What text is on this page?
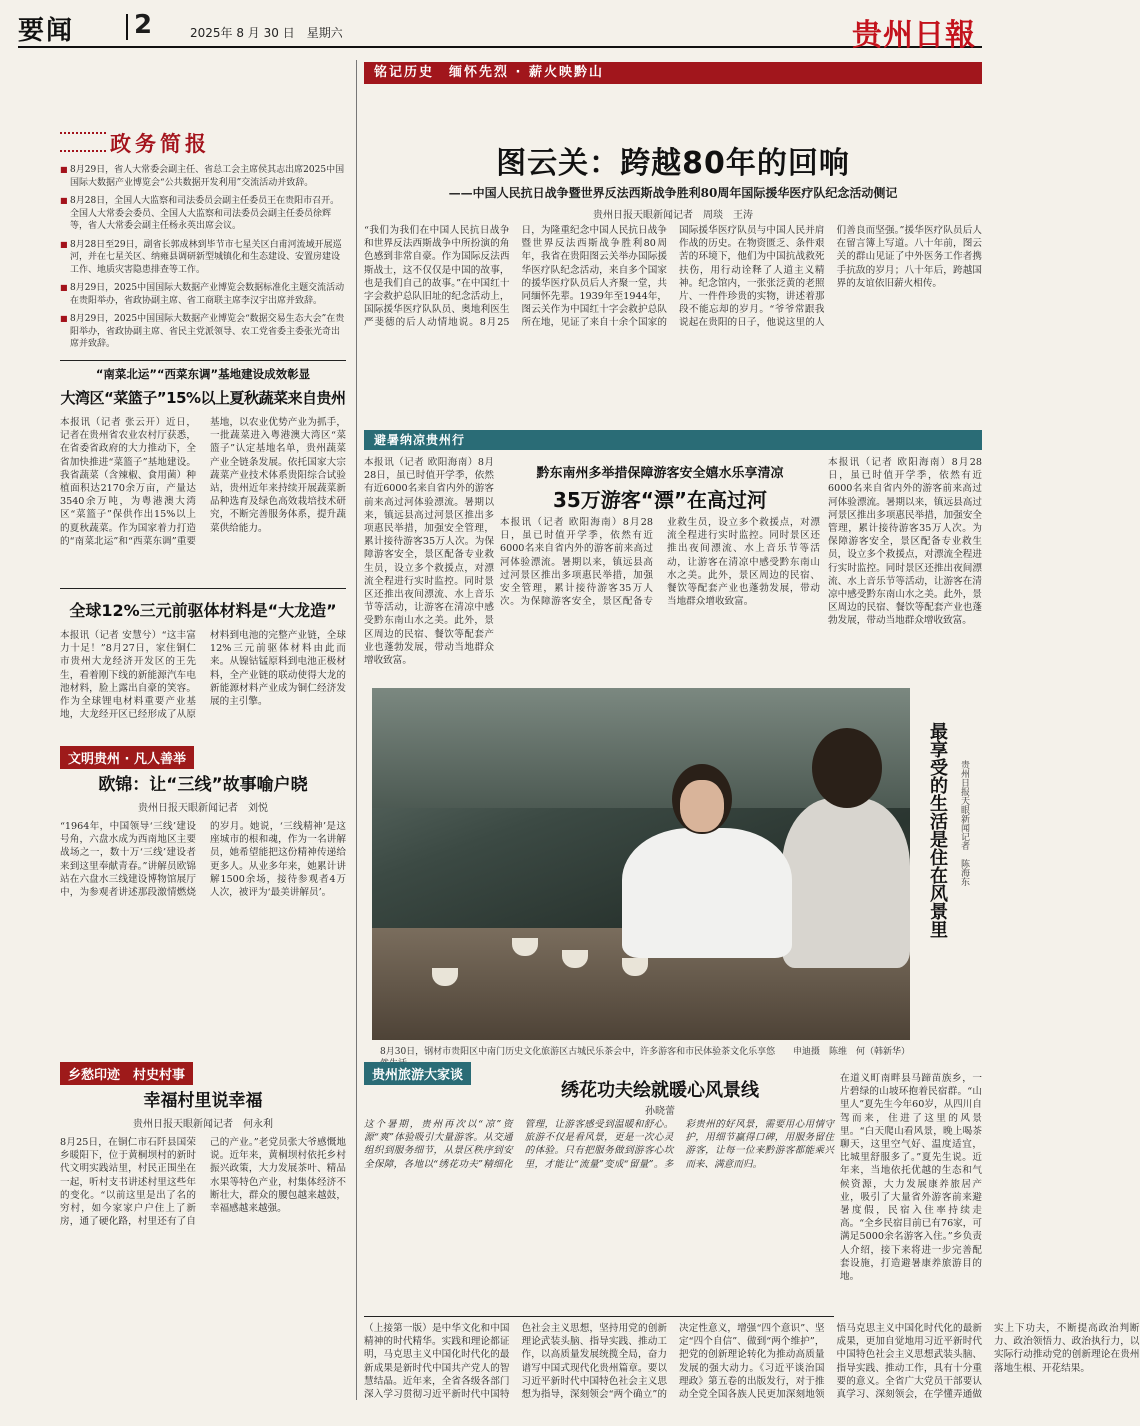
要闻 2	2025年 8 月 30 日　星期六	贵州日報
政务简报
■ 8月29日，省人大常委会副主任、省总工会主席侯其志出席2025中国国际大数据产业博览会“公共数据开发利用”交流活动并致辞。
■ 8月28日，全国人大监察和司法委员会副主任委员王在贵阳市召开。全国人大常委会委员、全国人大监察和司法委员会副主任委员徐辉等，省人大常委会副主任杨永英出席会议。
■ 8月28日至29日，副省长郭成林到毕节市七星关区白甫河流域开展巡河，并在七星关区、纳雍县调研新型城镇化和生态建设、安置房建设工作、地质灾害隐患排查等工作。
■ 8月29日，2025中国国际大数据产业博览会数据标准化主题交流活动在贵阳举办，省政协副主席、省工商联主席李汉宇出席并致辞。
■ 8月29日，2025中国国际大数据产业博览会“数据交易生态大会”在贵阳举办，省政协副主席、省民主党派领导、农工党省委主委张光奇出席并致辞。
“南菜北运”“西菜东调”基地建设成效彰显
大湾区“菜篮子”15%以上夏秋蔬菜来自贵州
本报讯（记者 张云开）近日，记者在贵州省农业农村厅获悉，在省委省政府的大力推动下，全省加快推进“菜篮子”基地建设。我省蔬菜（含辣椒、食用菌）种植面积达2170余万亩，产量达3540余万吨，为粤港澳大湾区“菜篮子”保供作出15%以上的夏秋蔬菜。作为国家着力打造的“南菜北运”和“西菜东调”重要基地，以农业优势产业为抓手，一批蔬菜进入粤港澳大湾区“菜篮子”认定基地名单，贵州蔬菜产业全链条发展。依托国家大宗蔬菜产业技术体系贵阳综合试验站，贵州近年来持续开展蔬菜新品种选育及绿色高效栽培技术研究，不断完善服务体系，提升蔬菜供给能力。
全球12%三元前驱体材料是“大龙造”
本报讯（记者 安慧兮）“这丰富力十足！”8月27日，家住铜仁市贵州大龙经济开发区的王先生，看着刚下线的新能源汽车电池材料，脸上露出自豪的笑容。作为全球锂电材料重要产业基地，大龙经开区已经形成了从原材料到电池的完整产业链，全球12%三元前驱体材料由此而来。从镍钴锰原料到电池正极材料，全产业链的联动使得大龙的新能源材料产业成为铜仁经济发展的主引擎。
文明贵州 · 凡人善举
欧锦：让“三线”故事喻户晓
贵州日报天眼新闻记者　刘悦
“1964年，中国领导‘三线’建设号角，六盘水成为西南地区主要战场之一，数十万‘三线’建设者来到这里奉献青春。”讲解员欧锦站在六盘水三线建设博物馆展厅中，为参观者讲述那段激情燃烧的岁月。她说，‘三线精神’是这座城市的根和魂，作为一名讲解员，她希望能把这份精神传递给更多人。从业多年来，她累计讲解1500余场，接待参观者4万人次，被评为‘最美讲解员’。
乡愁印迹　村史村事
幸福村里说幸福
贵州日报天眼新闻记者　何永利
8月25日，在铜仁市石阡县国荣乡暖阳下，位于黄桐坝村的新时代文明实践站里，村民正围坐在一起，听村支书讲述村里这些年的变化。“以前这里是出了名的穷村，如今家家户户住上了新房，通了硬化路，村里还有了自己的产业。”老党员张大爷感慨地说。近年来，黄桐坝村依托乡村振兴政策，大力发展茶叶、精品水果等特色产业，村集体经济不断壮大，群众的腰包越来越鼓，幸福感越来越强。
铭记历史　缅怀先烈 · 薪火映黔山
图云关：跨越80年的回响
——中国人民抗日战争暨世界反法西斯战争胜利80周年国际援华医疗队纪念活动侧记
贵州日报天眼新闻记者　周琰　王涛
“我们为我们在中国人民抗日战争和世界反法西斯战争中所扮演的角色感到非常自豪。作为国际反法西斯战士，这不仅仅是中国的故事，也是我们自己的故事。”在中国红十字会救护总队旧址的纪念活动上，国际援华医疗队队员、奥地利医生严斐德的后人动情地说。8月25日，为隆重纪念中国人民抗日战争暨世界反法西斯战争胜利80周年，我省在贵阳图云关举办国际援华医疗队纪念活动，来自多个国家的援华医疗队员后人齐聚一堂，共同缅怀先辈。1939年至1944年，图云关作为中国红十字会救护总队所在地，见证了来自十余个国家的国际援华医疗队员与中国人民并肩作战的历史。在物资匮乏、条件艰苦的环境下，他们为中国抗战救死扶伤，用行动诠释了人道主义精神。纪念馆内，一张张泛黄的老照片、一件件珍贵的实物，讲述着那段不能忘却的岁月。“爷爷常跟我说起在贵阳的日子，他说这里的人们善良而坚强。”援华医疗队员后人在留言簿上写道。八十年前，图云关的群山见证了中外医务工作者携手抗敌的岁月；八十年后，跨越国界的友谊依旧薪火相传。
避暑纳凉贵州行
黔东南州多举措保障游客安全嬉水乐享清凉
35万游客“漂”在高过河
本报讯（记者 欧阳海南）8月28日，虽已时值开学季，依然有近6000名来自省内外的游客前来高过河体验漂流。暑期以来，镇远县高过河景区推出多项惠民举措，加强安全管理，累计接待游客35万人次。为保障游客安全，景区配备专业救生员，设立多个救援点，对漂流全程进行实时监控。同时景区还推出夜间漂流、水上音乐节等活动，让游客在清凉中感受黔东南山水之美。此外，景区周边的民宿、餐饮等配套产业也蓬勃发展，带动当地群众增收致富。
本报讯（记者 欧阳海南）8月28日，虽已时值开学季，依然有近6000名来自省内外的游客前来高过河体验漂流。暑期以来，镇远县高过河景区推出多项惠民举措，加强安全管理，累计接待游客35万人次。为保障游客安全，景区配备专业救生员，设立多个救援点，对漂流全程进行实时监控。同时景区还推出夜间漂流、水上音乐节等活动，让游客在清凉中感受黔东南山水之美。此外，景区周边的民宿、餐饮等配套产业也蓬勃发展，带动当地群众增收致富。
本报讯（记者 欧阳海南）8月28日，虽已时值开学季，依然有近6000名来自省内外的游客前来高过河体验漂流。暑期以来，镇远县高过河景区推出多项惠民举措，加强安全管理，累计接待游客35万人次。为保障游客安全，景区配备专业救生员，设立多个救援点，对漂流全程进行实时监控。同时景区还推出夜间漂流、水上音乐节等活动，让游客在清凉中感受黔东南山水之美。此外，景区周边的民宿、餐饮等配套产业也蓬勃发展，带动当地群众增收致富。
8月30日，钢材市贵阳区中南门历史文化旅游区古城民乐茶会中，许多游客和市民体验茶文化乐享悠	申迪摄　陈维　何（韩新华）
最享受的生活是住在风景里	贵州日报天眼新闻记者　陈海东
在道义町南畔县马蹄苗族乡，一片碧绿的山坡环抱着民宿群。“山里人”夏先生今年60岁，从四川自驾而来，住进了这里的风景里。“白天爬山看风景，晚上喝茶聊天，这里空气好、温度适宜，比城里舒服多了。”夏先生说。近年来，当地依托优越的生态和气候资源，大力发展康养旅居产业，吸引了大量省外游客前来避暑度假，民宿入住率持续走高。“全乡民宿目前已有76家，可满足5000余名游客入住。”乡负责人介绍，接下来将进一步完善配套设施，打造避暑康养旅游目的地。
贵州旅游大家谈
绣花功夫绘就暖心风景线
孙晓蕾
这个暑期，贵州再次以“凉”资源“爽”体验吸引大量游客。从交通组织到服务细节，从景区秩序到安全保障，各地以“绣花功夫”精细化管理，让游客感受到温暖和舒心。旅游不仅是看风景，更是一次心灵的体验。只有把服务做到游客心坎里，才能让“流量”变成“留量”。多彩贵州的好风景，需要用心用情守护，用细节赢得口碑，用服务留住游客，让每一位来黔游客都能乘兴而来、满意而归。
（上接第一版）是中华文化和中国精神的时代精华。实践和理论都证明，马克思主义中国化时代化的最新成果是新时代中国共产党人的智慧结晶。近年来，全省各级各部门深入学习贯彻习近平新时代中国特色社会主义思想，坚持用党的创新理论武装头脑、指导实践、推动工作，以高质量发展统揽全局，奋力谱写中国式现代化贵州篇章。要以习近平新时代中国特色社会主义思想为指导，深刻领会“两个确立”的决定性意义，增强“四个意识”、坚定“四个自信”、做到“两个维护”，把党的创新理论转化为推动高质量发展的强大动力。《习近平谈治国理政》第五卷的出版发行，对于推动全党全国各族人民更加深刻地领悟马克思主义中国化时代化的最新成果，更加自觉地用习近平新时代中国特色社会主义思想武装头脑、指导实践、推动工作，具有十分重要的意义。全省广大党员干部要认真学习、深刻领会，在学懂弄通做实上下功夫，不断提高政治判断力、政治领悟力、政治执行力，以实际行动推动党的创新理论在贵州落地生根、开花结果。
